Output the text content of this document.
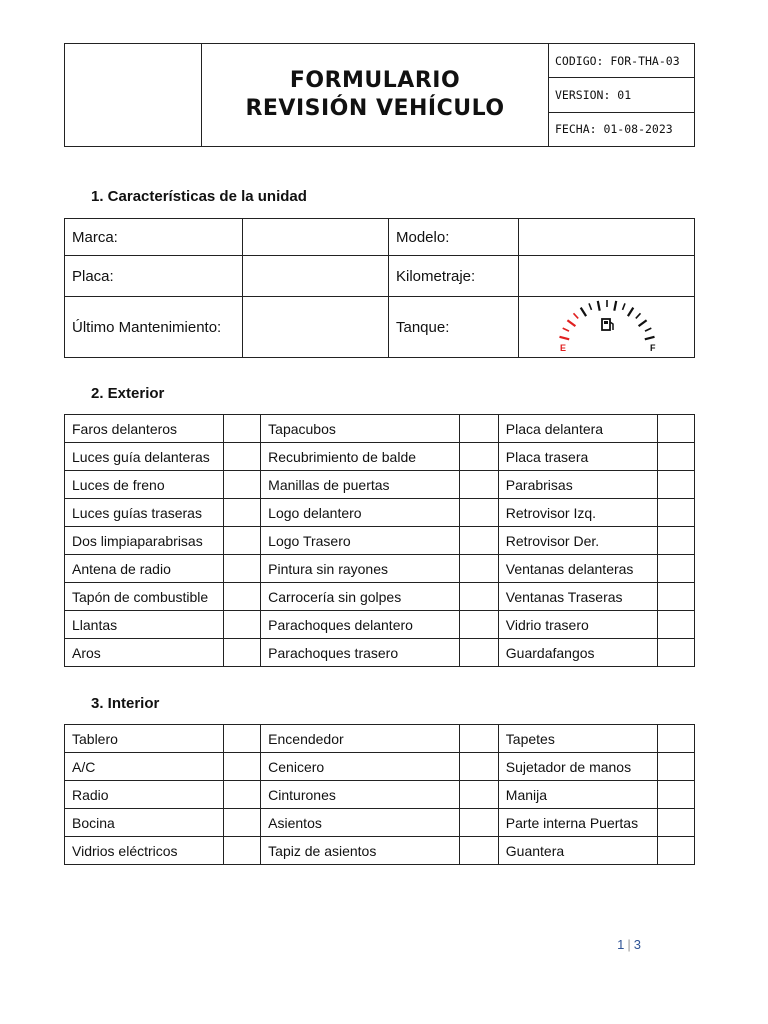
FORMULARIO
REVISIÓN VEHÍCULO
	CODIGO: FOR-THA-03
VERSION: 01
FECHA: 01-08-2023
1. Características de la unidad
Marca:		Modelo:	
Placa:		Kilometraje:	
Último Mantenimiento:		Tanque:	E F
2. Exterior
Faros delanteros		Tapacubos		Placa delantera	
Luces guía delanteras		Recubrimiento de balde		Placa trasera	
Luces de freno		Manillas de puertas		Parabrisas	
Luces guías traseras		Logo delantero		Retrovisor Izq.	
Dos limpiaparabrisas		Logo Trasero		Retrovisor Der.	
Antena de radio		Pintura sin rayones		Ventanas delanteras	
Tapón de combustible		Carrocería sin golpes		Ventanas Traseras	
Llantas		Parachoques delantero		Vidrio trasero	
Aros		Parachoques trasero		Guardafangos	
3. Interior
Tablero		Encendedor		Tapetes	
A/C		Cenicero		Sujetador de manos	
Radio		Cinturones		Manija	
Bocina		Asientos		Parte interna Puertas	
Vidrios eléctricos		Tapiz de asientos		Guantera	
1 | 3
